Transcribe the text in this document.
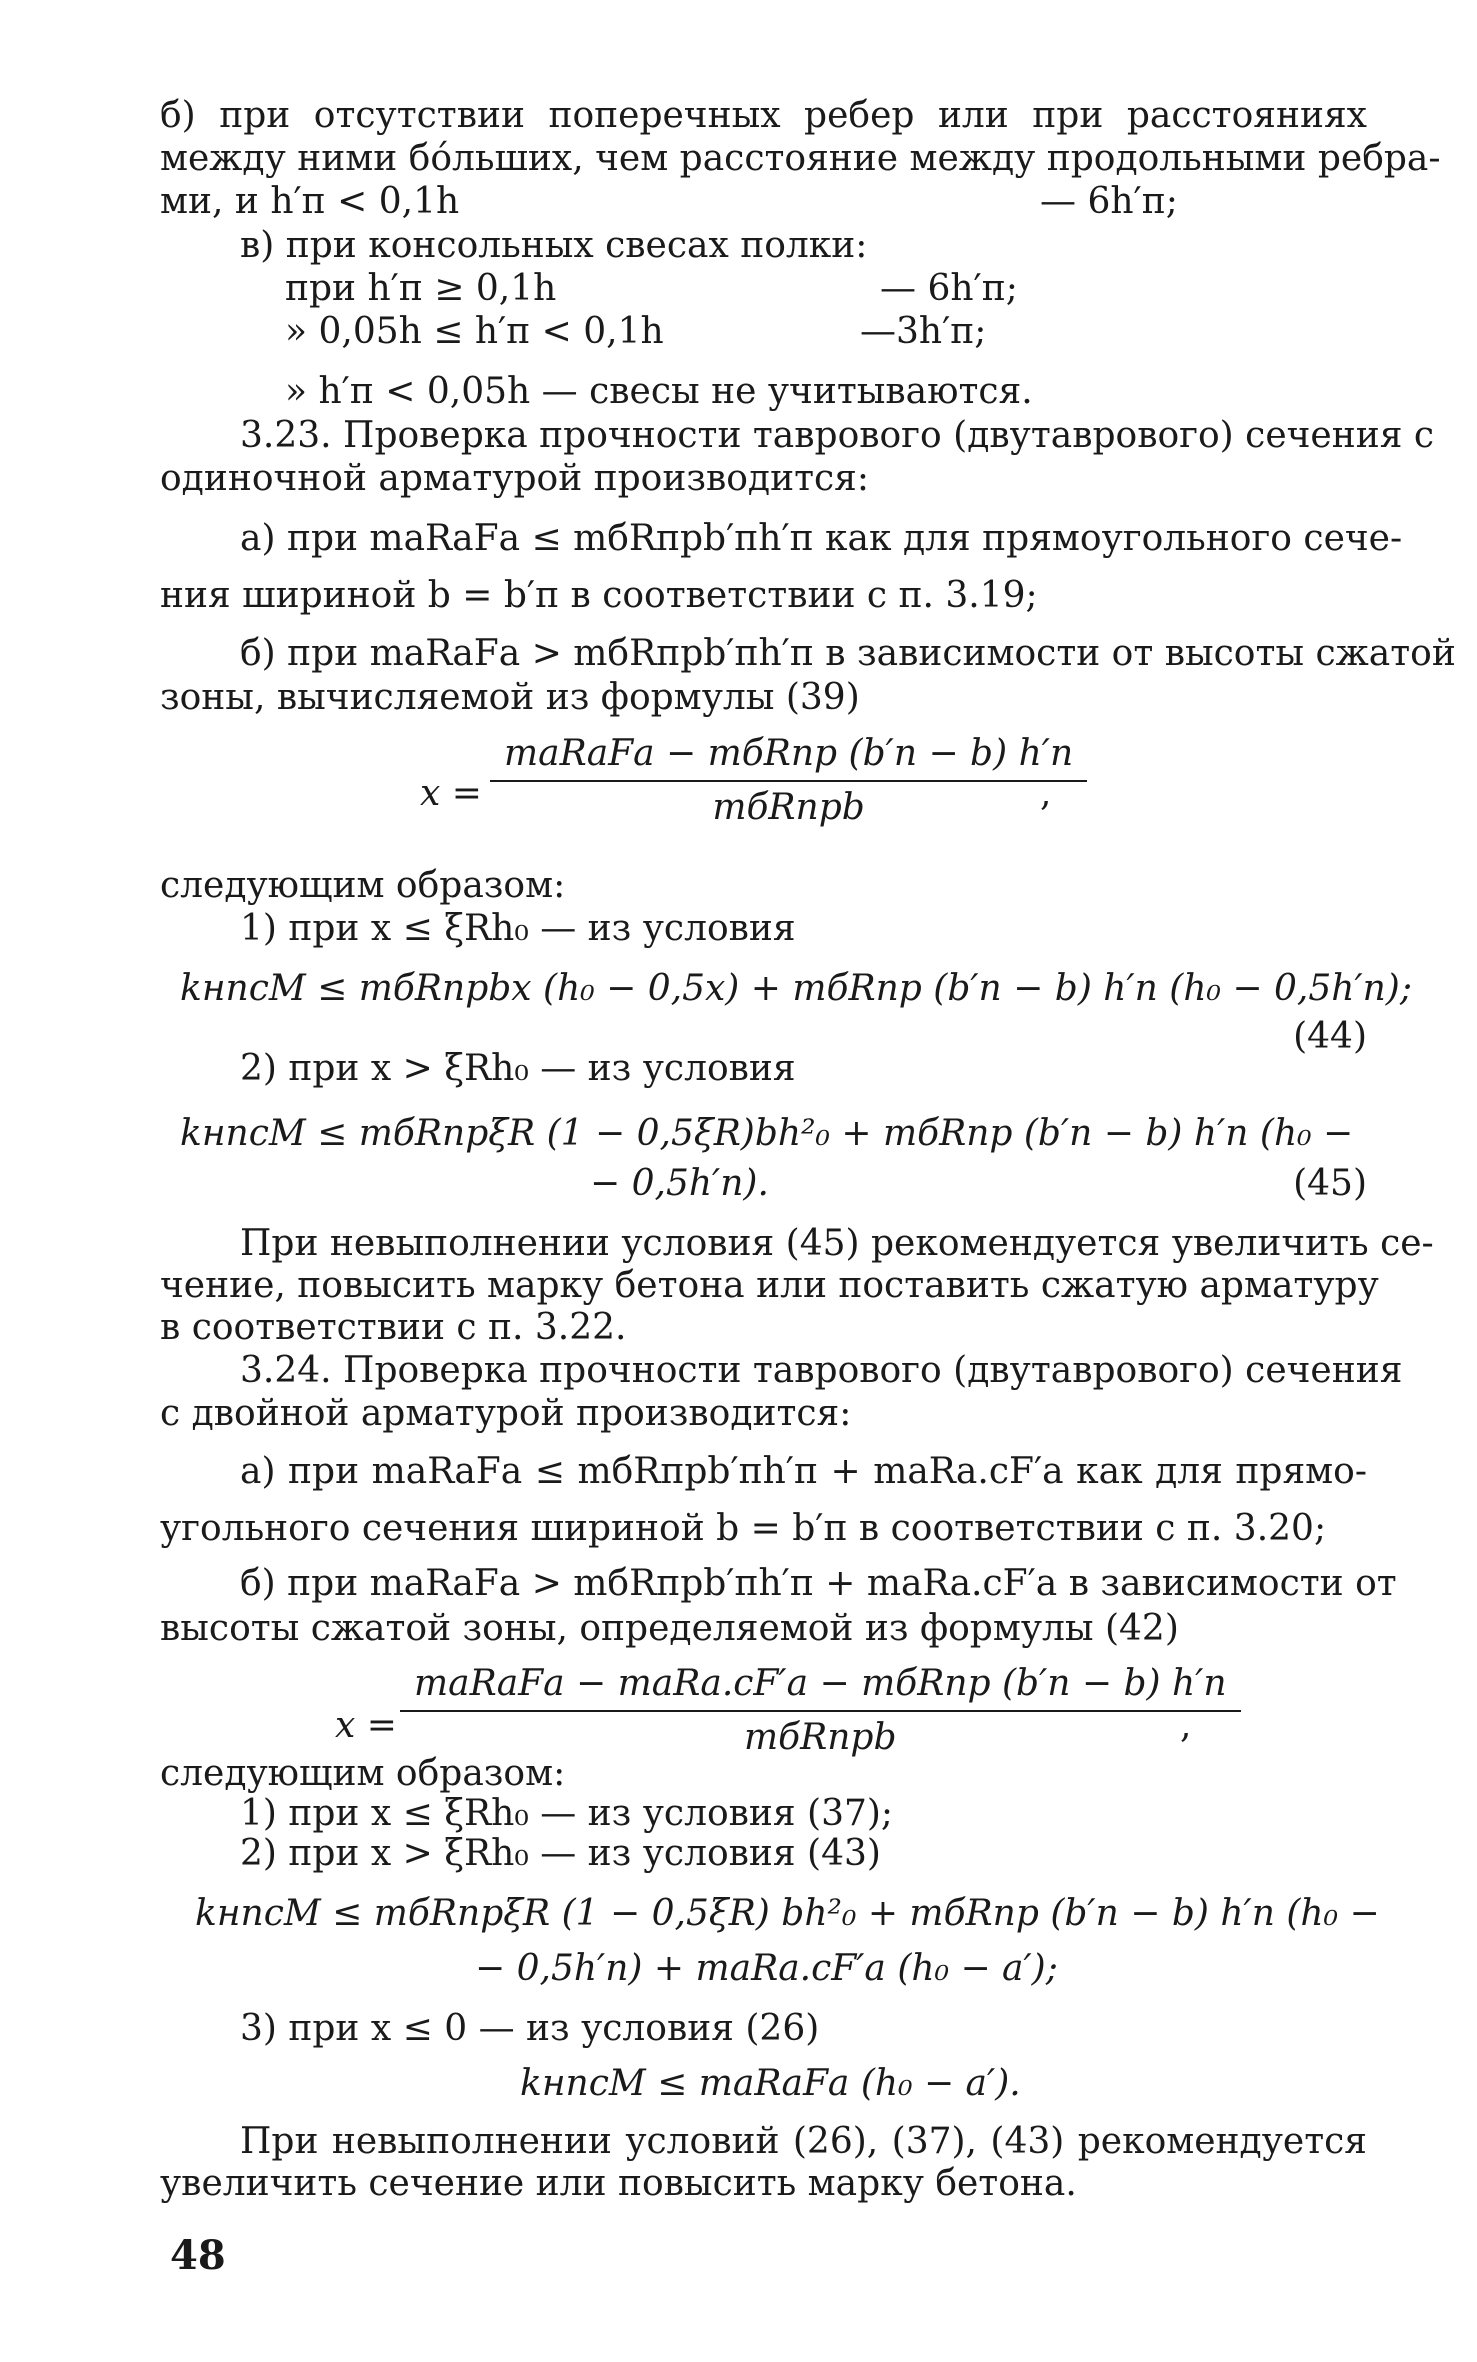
б) при отсутствии поперечных ребер или при расстояниях
между ними бо́льших, чем расстояние между продольными ребра-
ми, и h′п < 0,1h	— 6h′п;
в) при консольных свесах полки:
при h′п ≥ 0,1h	— 6h′п;
» 0,05h ≤ h′п < 0,1h	—3h′п;
» h′п < 0,05h — свесы не учитываются.
3.23. Проверка прочности таврового (двутаврового) сечения с
одиночной арматурой производится:
а) при mаRаFа ≤ mбRпрb′пh′п как для прямоугольного сече-
ния шириной b = b′п в соответствии с п. 3.19;
б) при mаRаFа > mбRпрb′пh′п в зависимости от высоты сжатой
зоны, вычисляемой из формулы (39)
x =
mаRаFа − mбRпр (b′п − b) h′п
mбRпрb	,
следующим образом:
1) при x ≤ ξRh₀ — из условия
kнncM ≤ mбRпрbx (h₀ − 0,5x) + mбRпр (b′п − b) h′п (h₀ − 0,5h′п);
(44)
2) при x > ξRh₀ — из условия
kнncM ≤ mбRпрξR (1 − 0,5ξR)bh²₀ + mбRпр (b′п − b) h′п (h₀ −
− 0,5h′п).	(45)
При невыполнении условия (45) рекомендуется увеличить се-
чение, повысить марку бетона или поставить сжатую арматуру
в соответствии с п. 3.22.
3.24. Проверка прочности таврового (двутаврового) сечения
с двойной арматурой производится:
а) при mаRаFа ≤ mбRпрb′пh′п + mаRа.сF′а как для прямо-
угольного сечения шириной b = b′п в соответствии с п. 3.20;
б) при mаRаFа > mбRпрb′пh′п + mаRа.сF′а в зависимости от
высоты сжатой зоны, определяемой из формулы (42)
x =
mаRаFа − mаRа.сF′а − mбRпр (b′п − b) h′п
mбRпрb	,
следующим образом:
1) при x ≤ ξRh₀ — из условия (37);
2) при x > ξRh₀ — из условия (43)
kнncM ≤ mбRпрξR (1 − 0,5ξR) bh²₀ + mбRпр (b′п − b) h′п (h₀ −
− 0,5h′п) + mаRа.сF′а (h₀ − a′);
3) при x ≤ 0 — из условия (26)
kнncM ≤ mаRаFа (h₀ − a′).
При невыполнении условий (26), (37), (43) рекомендуется
увеличить сечение или повысить марку бетона.
48
